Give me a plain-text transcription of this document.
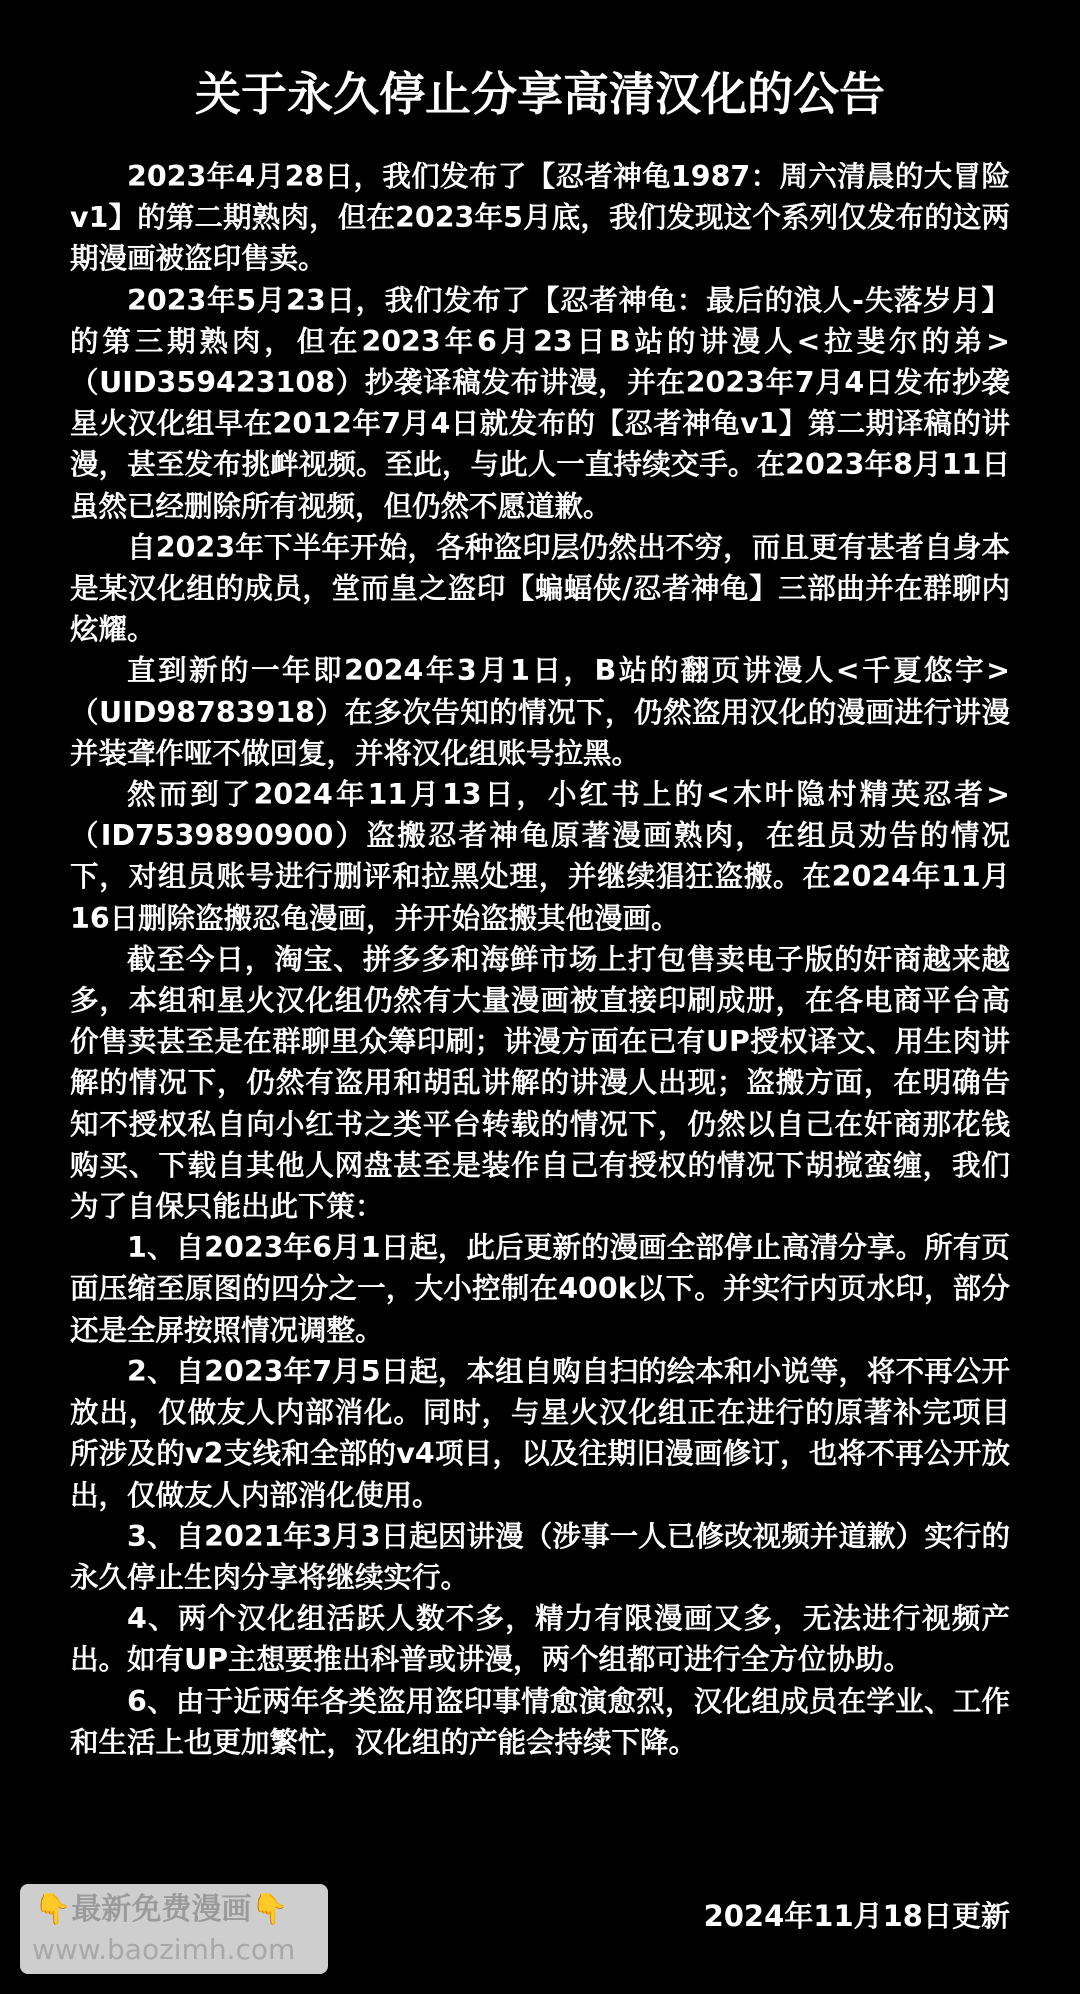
关于永久停止分享高清汉化的公告

2023年4月28日，我们发布了【忍者神龟1987：周六清晨的大冒险v1】的第二期熟肉，但在2023年5月底，我们发现这个系列仅发布的这两期漫画被盗印售卖。

2023年5月23日，我们发布了【忍者神龟：最后的浪人-失落岁月】的第三期熟肉，但在2023年6月23日B站的讲漫人<拉斐尔的弟>（UID359423108）抄袭译稿发布讲漫，并在2023年7月4日发布抄袭星火汉化组早在2012年7月4日就发布的【忍者神龟v1】第二期译稿的讲漫，甚至发布挑衅视频。至此，与此人一直持续交手。在2023年8月11日虽然已经删除所有视频，但仍然不愿道歉。

自2023年下半年开始，各种盗印层仍然出不穷，而且更有甚者自身本是某汉化组的成员，堂而皇之盗印【蝙蝠侠/忍者神龟】三部曲并在群聊内炫耀。

直到新的一年即2024年3月1日，B站的翻页讲漫人<千夏悠宇>（UID98783918）在多次告知的情况下，仍然盗用汉化的漫画进行讲漫并装聋作哑不做回复，并将汉化组账号拉黑。

然而到了2024年11月13日，小红书上的<木叶隐村精英忍者>（ID7539890900）盗搬忍者神龟原著漫画熟肉，在组员劝告的情况下，对组员账号进行删评和拉黑处理，并继续猖狂盗搬。在2024年11月16日删除盗搬忍龟漫画，并开始盗搬其他漫画。

截至今日，淘宝、拼多多和海鲜市场上打包售卖电子版的奸商越来越多，本组和星火汉化组仍然有大量漫画被直接印刷成册，在各电商平台高价售卖甚至是在群聊里众筹印刷；讲漫方面在已有UP授权译文、用生肉讲解的情况下，仍然有盗用和胡乱讲解的讲漫人出现；盗搬方面，在明确告知不授权私自向小红书之类平台转载的情况下，仍然以自己在奸商那花钱购买、下载自其他人网盘甚至是装作自己有授权的情况下胡搅蛮缠，我们为了自保只能出此下策：

1、自2023年6月1日起，此后更新的漫画全部停止高清分享。所有页面压缩至原图的四分之一，大小控制在400k以下。并实行内页水印，部分还是全屏按照情况调整。

2、自2023年7月5日起，本组自购自扫的绘本和小说等，将不再公开放出，仅做友人内部消化。同时，与星火汉化组正在进行的原著补完项目所涉及的v2支线和全部的v4项目，以及往期旧漫画修订，也将不再公开放出，仅做友人内部消化使用。

3、自2021年3月3日起因讲漫（涉事一人已修改视频并道歉）实行的永久停止生肉分享将继续实行。

4、两个汉化组活跃人数不多，精力有限漫画又多，无法进行视频产出。如有UP主想要推出科普或讲漫，两个组都可进行全方位协助。

6、由于近两年各类盗用盗印事情愈演愈烈，汉化组成员在学业、工作和生活上也更加繁忙，汉化组的产能会持续下降。

👇最新免费漫画👇
www.baozimh.com
2024年11月18日更新
